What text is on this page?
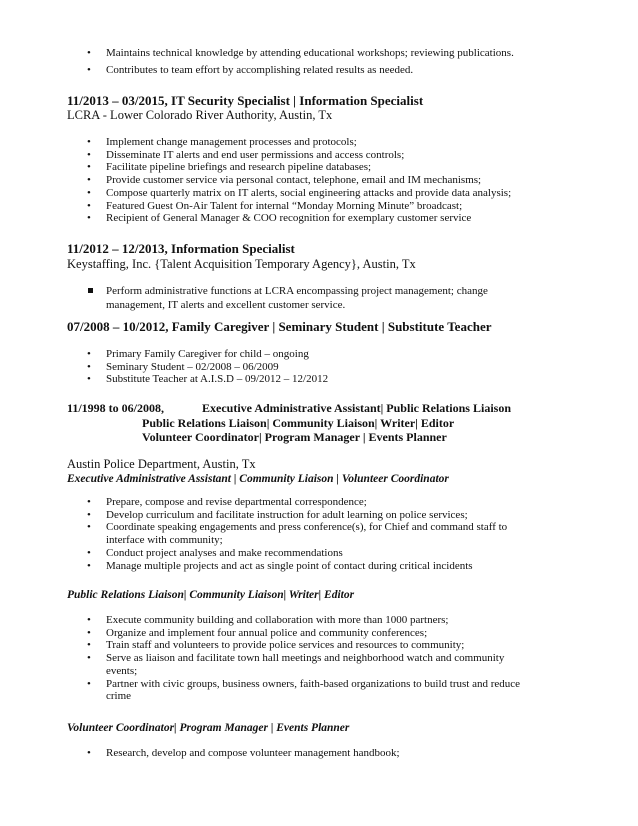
• Maintains technical knowledge by attending educational workshops; reviewing publications.
• Contributes to team effort by accomplishing related results as needed.
11/2013 – 03/2015, IT Security Specialist | Information Specialist
LCRA - Lower Colorado River Authority, Austin, Tx
• Implement change management processes and protocols;
• Disseminate IT alerts and end user permissions and access controls;
• Facilitate pipeline briefings and research pipeline databases;
• Provide customer service via personal contact, telephone, email and IM mechanisms;
• Compose quarterly matrix on IT alerts, social engineering attacks and provide data analysis;
• Featured Guest On-Air Talent for internal “Monday Morning Minute” broadcast;
• Recipient of General Manager & COO recognition for exemplary customer service
11/2012 – 12/2013, Information Specialist
Keystaffing, Inc. {Talent Acquisition Temporary Agency}, Austin, Tx
Perform administrative functions at LCRA encompassing project management; change
management, IT alerts and excellent customer service.
07/2008 – 10/2012, Family Caregiver | Seminary Student | Substitute Teacher
• Primary Family Caregiver for child – ongoing
• Seminary Student – 02/2008 – 06/2009
• Substitute Teacher at A.I.S.D – 09/2012 – 12/2012
11/1998 to 06/2008,	Executive Administrative Assistant| Public Relations Liaison
Public Relations Liaison| Community Liaison| Writer| Editor
Volunteer Coordinator| Program Manager | Events Planner
Austin Police Department, Austin, Tx
Executive Administrative Assistant | Community Liaison | Volunteer Coordinator
• Prepare, compose and revise departmental correspondence;
• Develop curriculum and facilitate instruction for adult learning on police services;
• Coordinate speaking engagements and press conference(s), for Chief and command staff to
interface with community;
• Conduct project analyses and make recommendations
• Manage multiple projects and act as single point of contact during critical incidents
Public Relations Liaison| Community Liaison| Writer| Editor
• Execute community building and collaboration with more than 1000 partners;
• Organize and implement four annual police and community conferences;
• Train staff and volunteers to provide police services and resources to community;
• Serve as liaison and facilitate town hall meetings and neighborhood watch and community
events;
• Partner with civic groups, business owners, faith-based organizations to build trust and reduce
crime
Volunteer Coordinator| Program Manager | Events Planner
• Research, develop and compose volunteer management handbook;
